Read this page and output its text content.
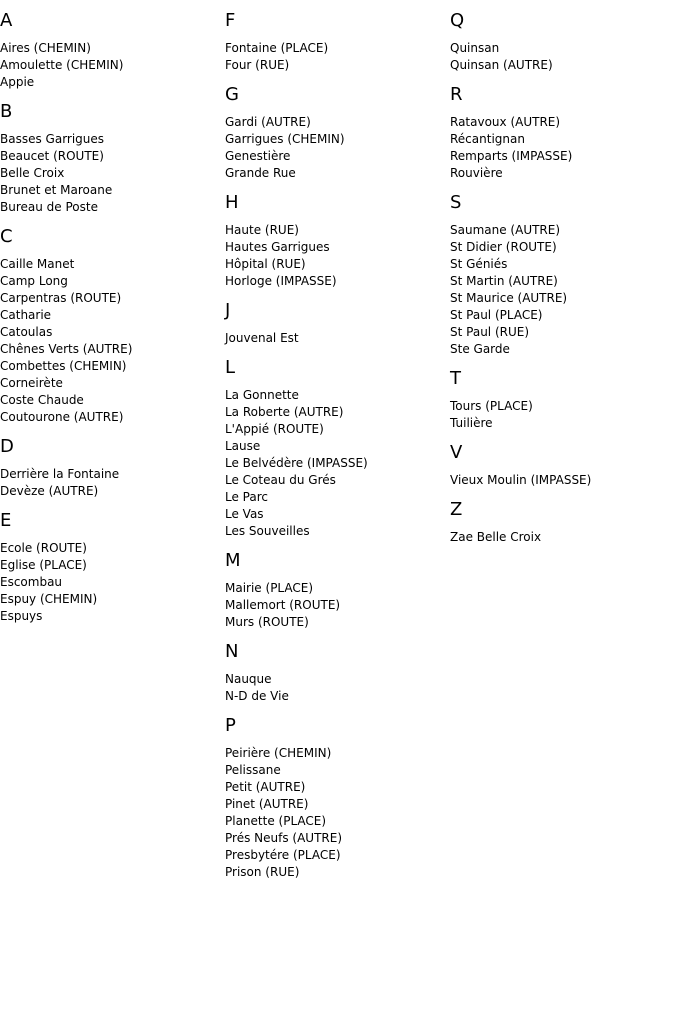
A
Aires (CHEMIN)
Amoulette (CHEMIN)
Appie
B
Basses Garrigues
Beaucet (ROUTE)
Belle Croix
Brunet et Maroane
Bureau de Poste
C
Caille Manet
Camp Long
Carpentras (ROUTE)
Catharie
Catoulas
Chênes Verts (AUTRE)
Combettes (CHEMIN)
Corneirète
Coste Chaude
Coutourone (AUTRE)
D
Derrière la Fontaine
Devèze (AUTRE)
E
Ecole (ROUTE)
Eglise (PLACE)
Escombau
Espuy (CHEMIN)
Espuys
F
Fontaine (PLACE)
Four (RUE)
G
Gardi (AUTRE)
Garrigues (CHEMIN)
Genestière
Grande Rue
H
Haute (RUE)
Hautes Garrigues
Hôpital (RUE)
Horloge (IMPASSE)
J
Jouvenal Est
L
La Gonnette
La Roberte (AUTRE)
L'Appié (ROUTE)
Lause
Le Belvédère (IMPASSE)
Le Coteau du Grés
Le Parc
Le Vas
Les Souveilles
M
Mairie (PLACE)
Mallemort (ROUTE)
Murs (ROUTE)
N
Nauque
N-D de Vie
P
Peirière (CHEMIN)
Pelissane
Petit (AUTRE)
Pinet (AUTRE)
Planette (PLACE)
Prés Neufs (AUTRE)
Presbytére (PLACE)
Prison (RUE)
Q
Quinsan
Quinsan (AUTRE)
R
Ratavoux (AUTRE)
Récantignan
Remparts (IMPASSE)
Rouvière
S
Saumane (AUTRE)
St Didier (ROUTE)
St Géniés
St Martin (AUTRE)
St Maurice (AUTRE)
St Paul (PLACE)
St Paul (RUE)
Ste Garde
T
Tours (PLACE)
Tuilière
V
Vieux Moulin (IMPASSE)
Z
Zae Belle Croix
